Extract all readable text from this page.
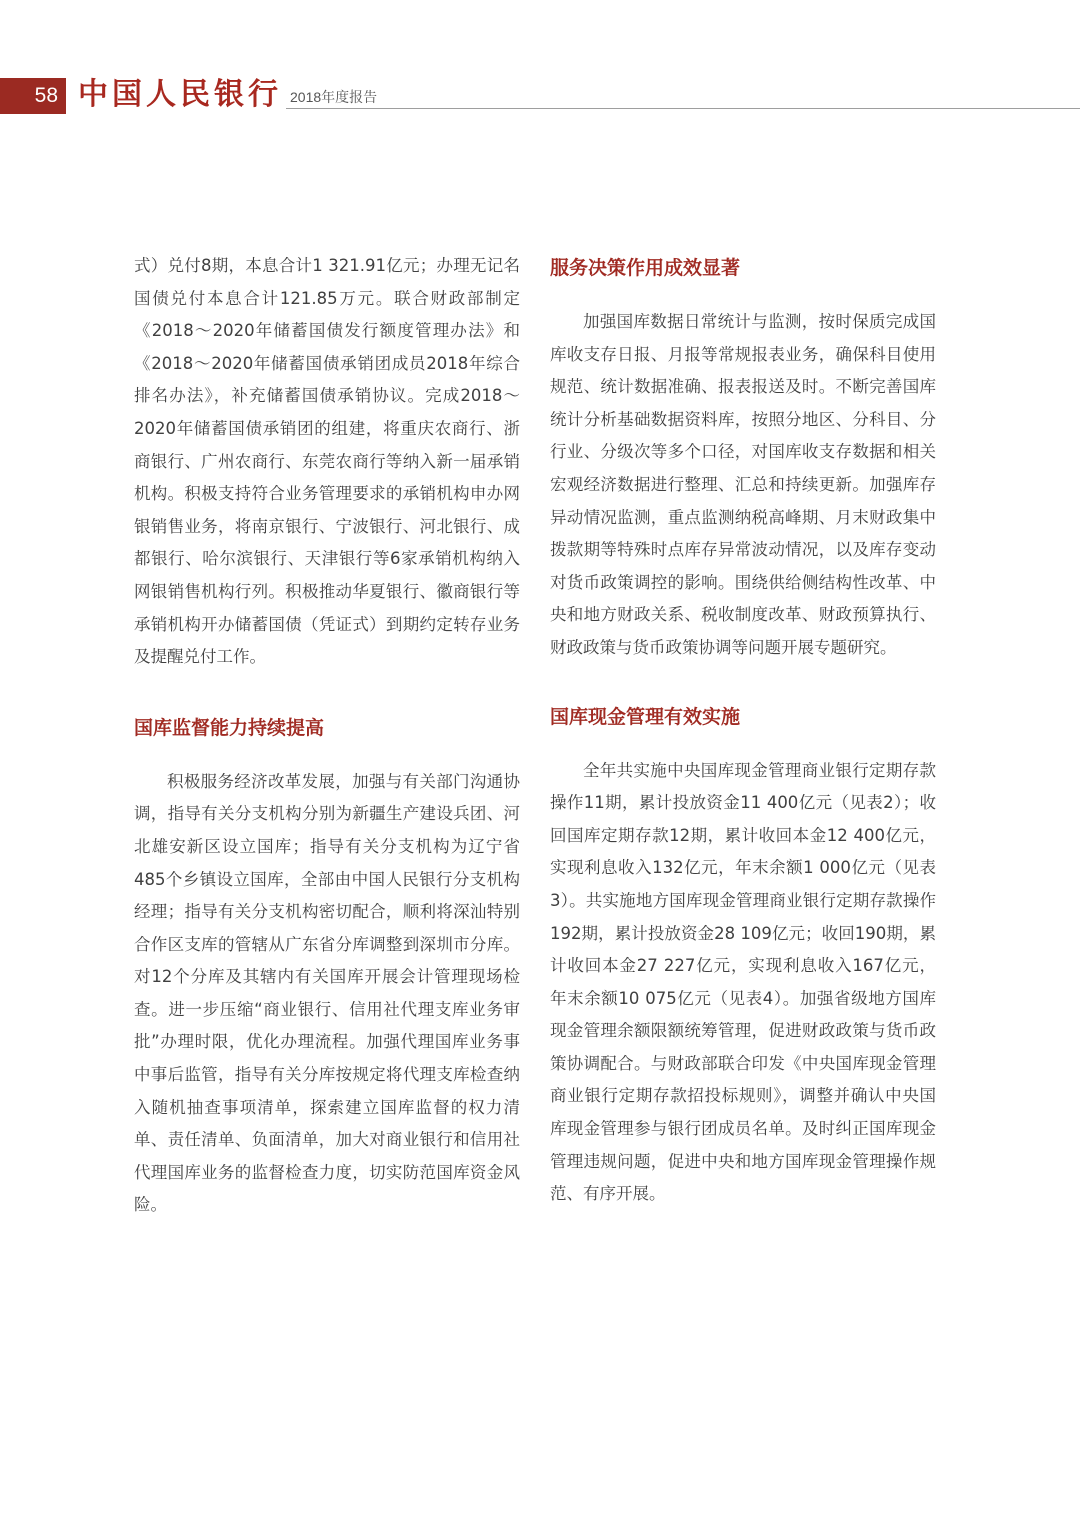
58 中国人民银行 2018年度报告

式）兑付8期，本息合计1 321.91亿元；办理无记名国债兑付本息合计121.85万元。联合财政部制定《2018～2020年储蓄国债发行额度管理办法》和《2018～2020年储蓄国债承销团成员2018年综合排名办法》，补充储蓄国债承销协议。完成2018～2020年储蓄国债承销团的组建，将重庆农商行、浙商银行、广州农商行、东莞农商行等纳入新一届承销机构。积极支持符合业务管理要求的承销机构申办网银销售业务，将南京银行、宁波银行、河北银行、成都银行、哈尔滨银行、天津银行等6家承销机构纳入网银销售机构行列。积极推动华夏银行、徽商银行等承销机构开办储蓄国债（凭证式）到期约定转存业务及提醒兑付工作。

国库监督能力持续提高

积极服务经济改革发展，加强与有关部门沟通协调，指导有关分支机构分别为新疆生产建设兵团、河北雄安新区设立国库；指导有关分支机构为辽宁省485个乡镇设立国库，全部由中国人民银行分支机构经理；指导有关分支机构密切配合，顺利将深汕特别合作区支库的管辖从广东省分库调整到深圳市分库。对12个分库及其辖内有关国库开展会计管理现场检查。进一步压缩“商业银行、信用社代理支库业务审批”办理时限，优化办理流程。加强代理国库业务事中事后监管，指导有关分库按规定将代理支库检查纳入随机抽查事项清单，探索建立国库监督的权力清单、责任清单、负面清单，加大对商业银行和信用社代理国库业务的监督检查力度，切实防范国库资金风险。

服务决策作用成效显著

加强国库数据日常统计与监测，按时保质完成国库收支存日报、月报等常规报表业务，确保科目使用规范、统计数据准确、报表报送及时。不断完善国库统计分析基础数据资料库，按照分地区、分科目、分行业、分级次等多个口径，对国库收支存数据和相关宏观经济数据进行整理、汇总和持续更新。加强库存异动情况监测，重点监测纳税高峰期、月末财政集中拨款期等特殊时点库存异常波动情况，以及库存变动对货币政策调控的影响。围绕供给侧结构性改革、中央和地方财政关系、税收制度改革、财政预算执行、财政政策与货币政策协调等问题开展专题研究。

国库现金管理有效实施

全年共实施中央国库现金管理商业银行定期存款操作11期，累计投放资金11 400亿元（见表2）；收回国库定期存款12期，累计收回本金12 400亿元，实现利息收入132亿元，年末余额1 000亿元（见表3）。共实施地方国库现金管理商业银行定期存款操作192期，累计投放资金28 109亿元；收回190期，累计收回本金27 227亿元，实现利息收入167亿元，年末余额10 075亿元（见表4）。加强省级地方国库现金管理余额限额统筹管理，促进财政政策与货币政策协调配合。与财政部联合印发《中央国库现金管理商业银行定期存款招投标规则》，调整并确认中央国库现金管理参与银行团成员名单。及时纠正国库现金管理违规问题，促进中央和地方国库现金管理操作规范、有序开展。
